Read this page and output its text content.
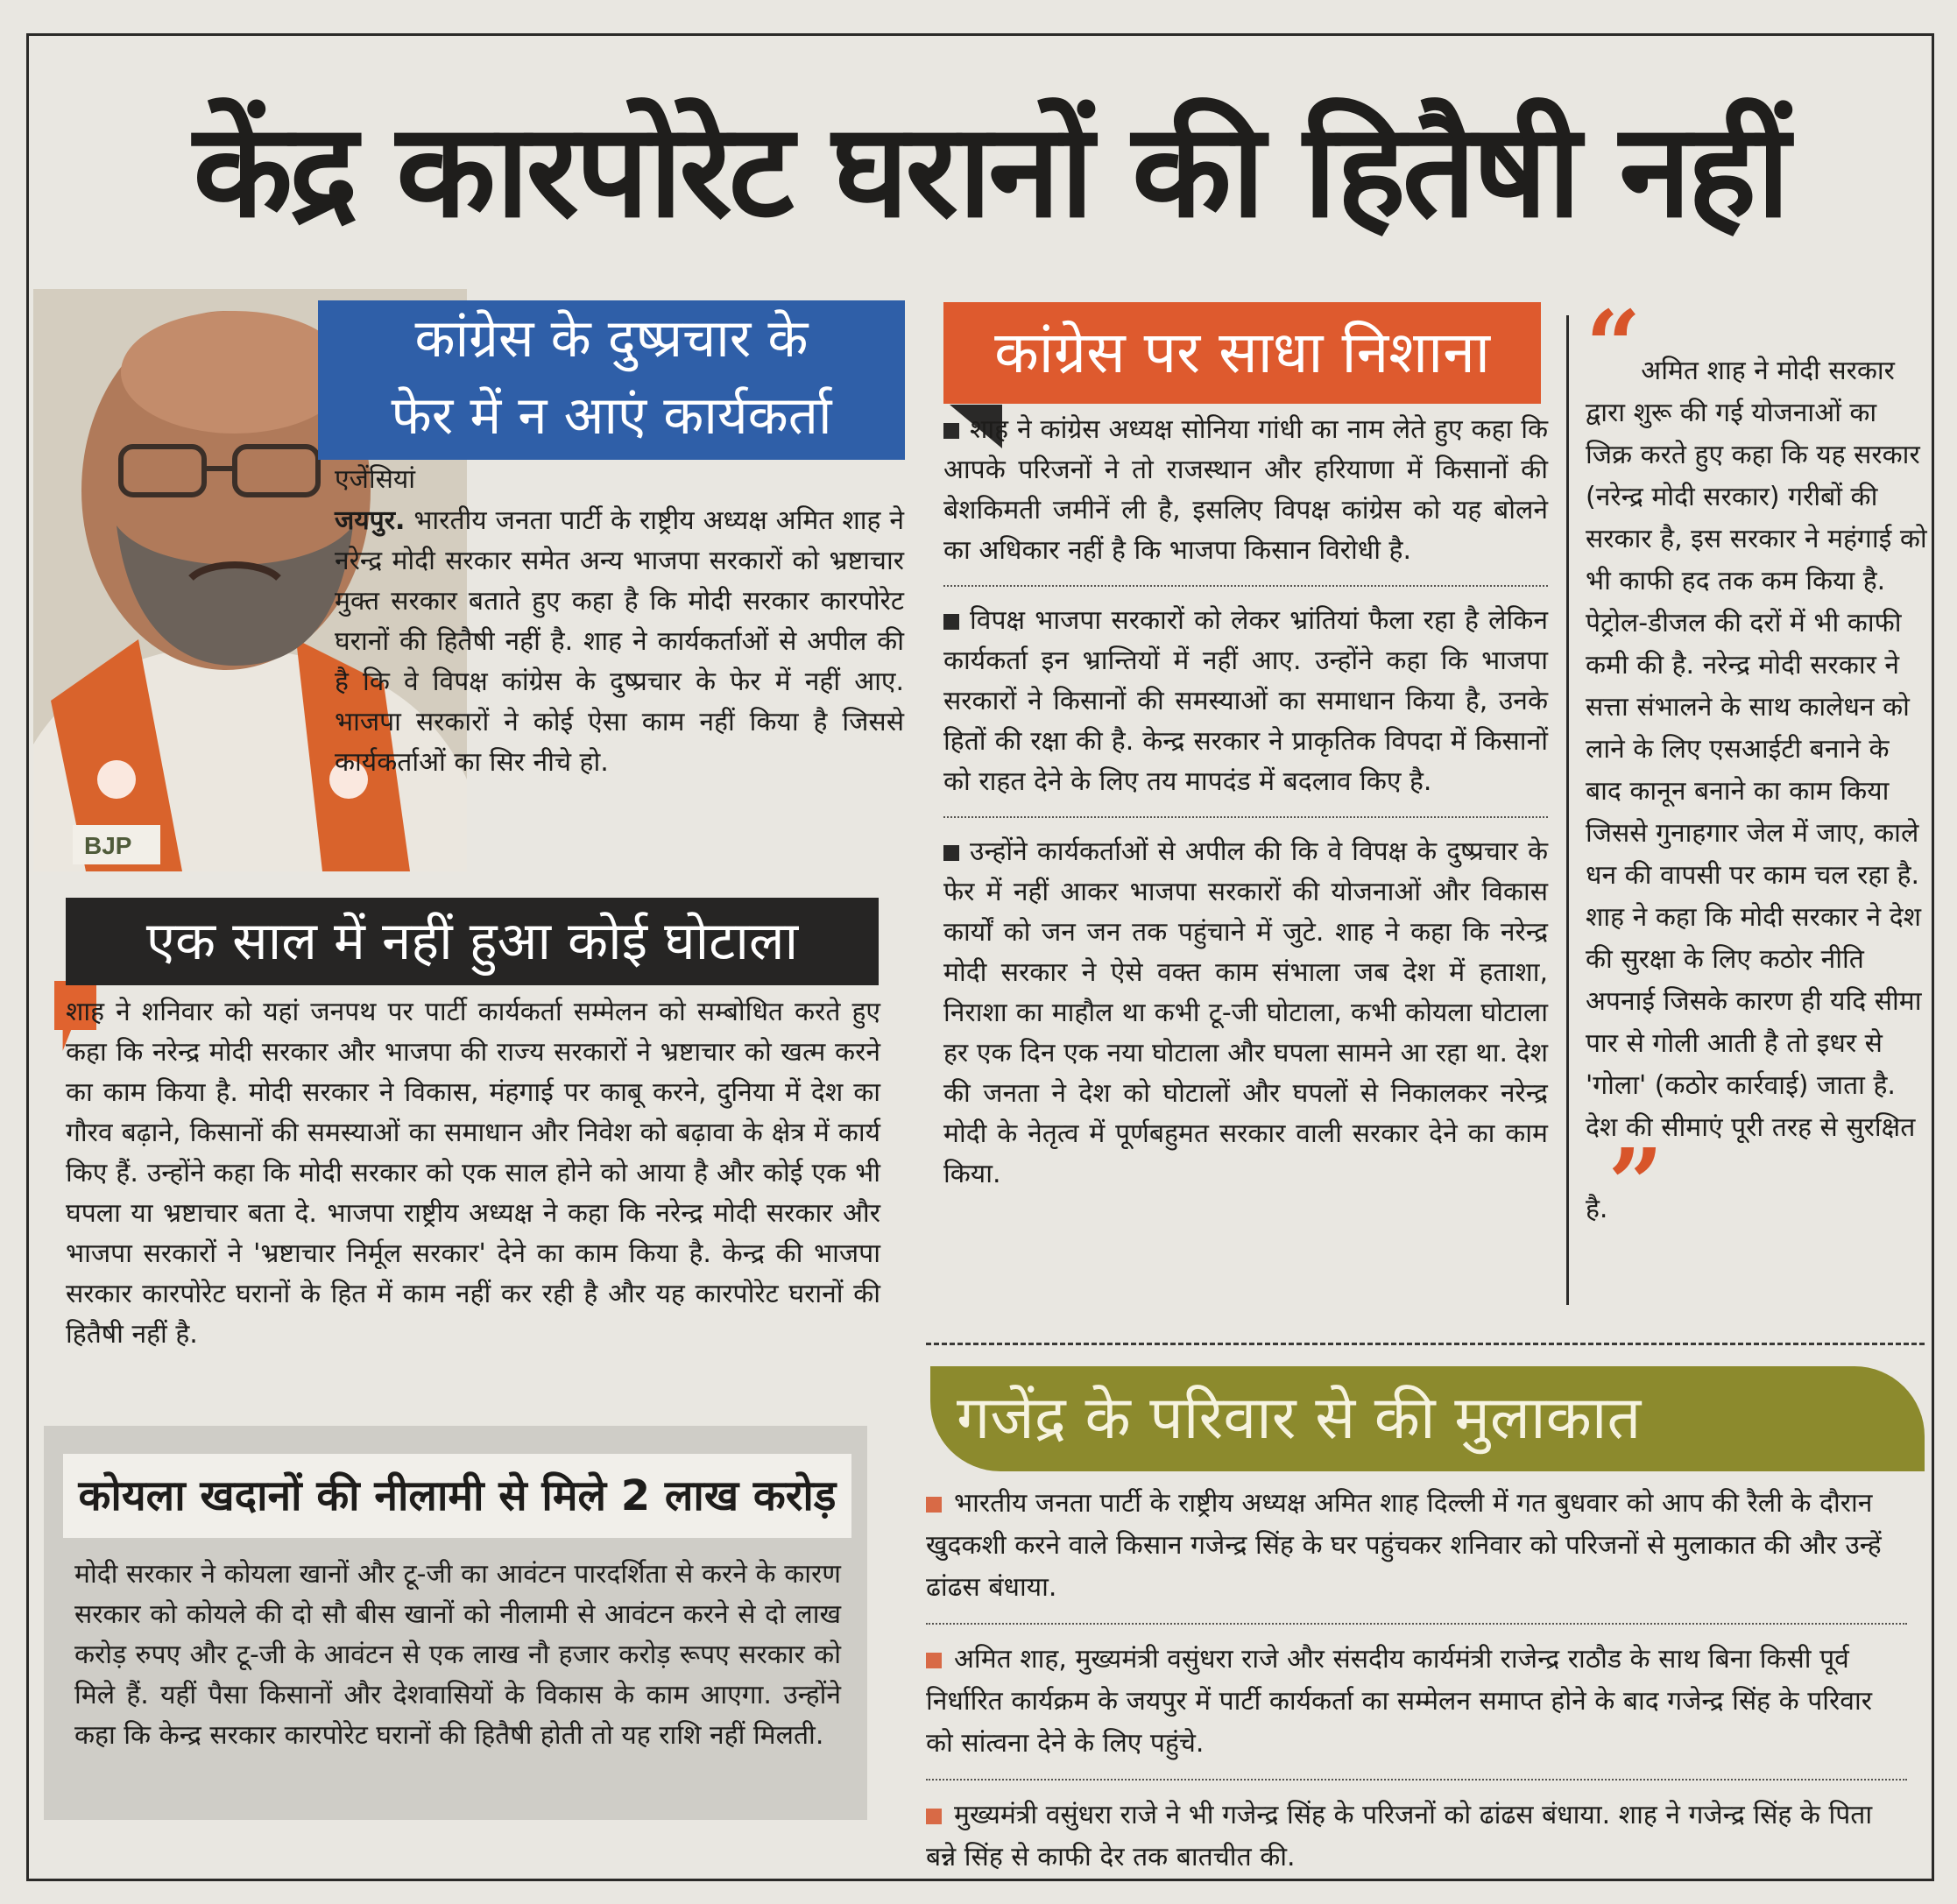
केंद्र कारपोरेट घरानों की हितैषी नहीं
BJP
कांग्रेस के दुष्प्रचार के
फेर में न आएं कार्यकर्ता
एजेंसियां
जयपुर. भारतीय जनता पार्टी के राष्ट्रीय अध्यक्ष अमित शाह ने नरेन्द्र मोदी सरकार समेत अन्य भाजपा सरकारों को भ्रष्टाचार मुक्त सरकार बताते हुए कहा है कि मोदी सरकार कारपोरेट घरानों की हितैषी नहीं है. शाह ने कार्यकर्ताओं से अपील की है कि वे विपक्ष कांग्रेस के दुष्प्रचार के फेर में नहीं आए. भाजपा सरकारों ने कोई ऐसा काम नहीं किया है जिससे कार्यकर्ताओं का सिर नीचे हो.
एक साल में नहीं हुआ कोई घोटाला
शाह ने शनिवार को यहां जनपथ पर पार्टी कार्यकर्ता सम्मेलन को सम्बोधित करते हुए कहा कि नरेन्द्र मोदी सरकार और भाजपा की राज्य सरकारों ने भ्रष्टाचार को खत्म करने का काम किया है. मोदी सरकार ने विकास, मंहगाई पर काबू करने, दुनिया में देश का गौरव बढ़ाने, किसानों की समस्याओं का समाधान और निवेश को बढ़ावा के क्षेत्र में कार्य किए हैं. उन्होंने कहा कि मोदी सरकार को एक साल होने को आया है और कोई एक भी घपला या भ्रष्टाचार बता दे. भाजपा राष्ट्रीय अध्यक्ष ने कहा कि नरेन्द्र मोदी सरकार और भाजपा सरकारों ने 'भ्रष्टाचार निर्मूल सरकार' देने का काम किया है. केन्द्र की भाजपा सरकार कारपोरेट घरानों के हित में काम नहीं कर रही है और यह कारपोरेट घरानों की हितैषी नहीं है.
कोयला खदानों की नीलामी से मिले 2 लाख करोड़
मोदी सरकार ने कोयला खानों और टू-जी का आवंटन पारदर्शिता से करने के कारण सरकार को कोयले की दो सौ बीस खानों को नीलामी से आवंटन करने से दो लाख करोड़ रुपए और टू-जी के आवंटन से एक लाख नौ हजार करोड़ रूपए सरकार को मिले हैं. यहीं पैसा किसानों और देशवासियों के विकास के काम आएगा. उन्होंने कहा कि केन्द्र सरकार कारपोरेट घरानों की हितैषी होती तो यह राशि नहीं मिलती.
कांग्रेस पर साधा निशाना
शाह ने कांग्रेस अध्यक्ष सोनिया गांधी का नाम लेते हुए कहा कि आपके परिजनों ने तो राजस्थान और हरियाणा में किसानों की बेशकिमती जमीनें ली है, इसलिए विपक्ष कांग्रेस को यह बोलने का अधिकार नहीं है कि भाजपा किसान विरोधी है.
विपक्ष भाजपा सरकारों को लेकर भ्रांतियां फैला रहा है लेकिन कार्यकर्ता इन भ्रान्तियों में नहीं आए. उन्होंने कहा कि भाजपा सरकारों ने किसानों की समस्याओं का समाधान किया है, उनके हितों की रक्षा की है. केन्द्र सरकार ने प्राकृतिक विपदा में किसानों को राहत देने के लिए तय मापदंड में बदलाव किए है.
उन्होंने कार्यकर्ताओं से अपील की कि वे विपक्ष के दुष्प्रचार के फेर में नहीं आकर भाजपा सरकारों की योजनाओं और विकास कार्यों को जन जन तक पहुंचाने में जुटे. शाह ने कहा कि नरेन्द्र मोदी सरकार ने ऐसे वक्त काम संभाला जब देश में हताशा, निराशा का माहौल था कभी टू-जी घोटाला, कभी कोयला घोटाला हर एक दिन एक नया घोटाला और घपला सामने आ रहा था. देश की जनता ने देश को घोटालों और घपलों से निकालकर नरेन्द्र मोदी के नेतृत्व में पूर्णबहुमत सरकार वाली सरकार देने का काम किया.
“अमित शाह ने मोदी सरकार द्वारा शुरू की गई योजनाओं का जिक्र करते हुए कहा कि यह सरकार (नरेन्द्र मोदी सरकार) गरीबों की सरकार है, इस सरकार ने महंगाई को भी काफी हद तक कम किया है. पेट्रोल-डीजल की दरों में भी काफी कमी की है. नरेन्द्र मोदी सरकार ने सत्ता संभालने के साथ कालेधन को लाने के लिए एसआईटी बनाने के बाद कानून बनाने का काम किया जिससे गुनाहगार जेल में जाए, काले धन की वापसी पर काम चल रहा है. शाह ने कहा कि मोदी सरकार ने देश की सुरक्षा के लिए कठोर नीति अपनाई जिसके कारण ही यदि सीमा पार से गोली आती है तो इधर से 'गोला' (कठोर कार्रवाई) जाता है. देश की सीमाएं पूरी तरह से सुरक्षित है.”
गजेंद्र के परिवार से की मुलाकात
भारतीय जनता पार्टी के राष्ट्रीय अध्यक्ष अमित शाह दिल्ली में गत बुधवार को आप की रैली के दौरान खुदकशी करने वाले किसान गजेन्द्र सिंह के घर पहुंचकर शनिवार को परिजनों से मुलाकात की और उन्हें ढांढस बंधाया.
अमित शाह, मुख्यमंत्री वसुंधरा राजे और संसदीय कार्यमंत्री राजेन्द्र राठौड के साथ बिना किसी पूर्व निर्धारित कार्यक्रम के जयपुर में पार्टी कार्यकर्ता का सम्मेलन समाप्त होने के बाद गजेन्द्र सिंह के परिवार को सांत्वना देने के लिए पहुंचे.
मुख्यमंत्री वसुंधरा राजे ने भी गजेन्द्र सिंह के परिजनों को ढांढस बंधाया. शाह ने गजेन्द्र सिंह के पिता बन्ने सिंह से काफी देर तक बातचीत की.
